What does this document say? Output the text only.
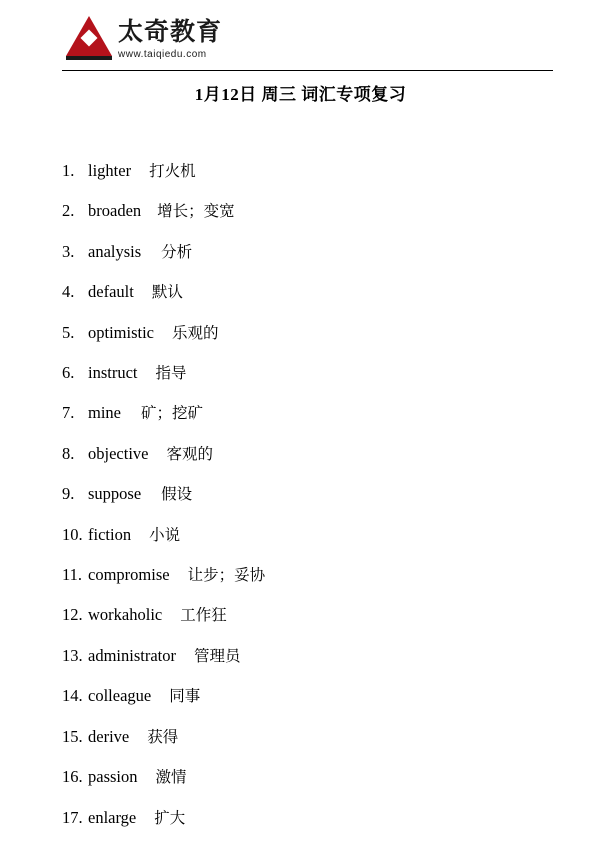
太奇教育
www.taiqiedu.com
1月12日 周三 词汇专项复习
1. lighter 打火机
2. broaden 增长；变宽
3. analysis 分析
4. default 默认
5. optimistic 乐观的
6. instruct 指导
7. mine 矿；挖矿
8. objective 客观的
9. suppose 假设
10. fiction 小说
11. compromise 让步；妥协
12. workaholic 工作狂
13. administrator 管理员
14. colleague 同事
15. derive 获得
16. passion 激情
17. enlarge 扩大
